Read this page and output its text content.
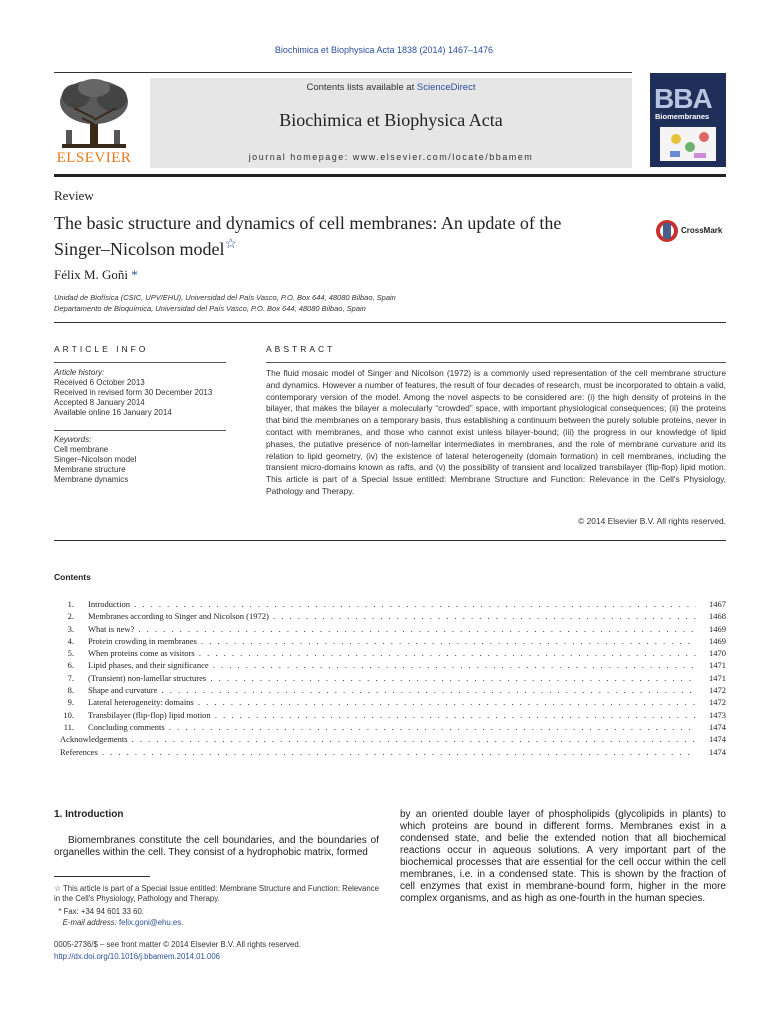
Biochimica et Biophysica Acta 1838 (2014) 1467–1476
ELSEVIER
Contents lists available at ScienceDirect
Biochimica et Biophysica Acta
journal homepage: www.elsevier.com/locate/bbamem
BBA
Biomembranes
Review
The basic structure and dynamics of cell membranes: An update of the Singer–Nicolson model☆
CrossMark
Félix M. Goñi *
Unidad de Biofísica (CSIC, UPV/EHU), Universidad del País Vasco, P.O. Box 644, 48080 Bilbao, Spain
Departamento de Bioquímica, Universidad del País Vasco, P.O. Box 644, 48080 Bilbao, Spain
ARTICLE INFO	ABSTRACT
Article history:
Received 6 October 2013
Received in revised form 30 December 2013
Accepted 8 January 2014
Available online 16 January 2014
Keywords:
Cell membrane
Singer–Nicolson model
Membrane structure
Membrane dynamics
The fluid mosaic model of Singer and Nicolson (1972) is a commonly used representation of the cell membrane structure and dynamics. However a number of features, the result of four decades of research, must be incorporated to obtain a valid, contemporary version of the model. Among the novel aspects to be considered are: (i) the high density of proteins in the bilayer, that makes the bilayer a molecularly “crowded” space, with important physiological consequences; (ii) the proteins that bind the membranes on a temporary basis, thus establishing a continuum between the purely soluble proteins, never in contact with membranes, and those who cannot exist unless bilayer-bound; (iii) the progress in our knowledge of lipid phases, the putative presence of non-lamellar intermediates in membranes, and the role of membrane curvature and its relation to lipid geometry, (iv) the existence of lateral heterogeneity (domain formation) in cell membranes, including the transient micro-domains known as rafts, and (v) the possibility of transient and localized transbilayer (flip-flop) lipid motion. This article is part of a Special Issue entitled: Membrane Structure and Function: Relevance in the Cell's Physiology, Pathology and Therapy.
© 2014 Elsevier B.V. All rights reserved.
Contents
1. Introduction . . .	1467
2. Membranes according to Singer and Nicolson (1972) . . .	1468
3. What is new? . . .	1469
4. Protein crowding in membranes . . .	1469
5. When proteins come as visitors . . .	1470
6. Lipid phases, and their significance . . .	1471
7. (Transient) non-lamellar structures . . .	1471
8. Shape and curvature . . .	1472
9. Lateral heterogeneity: domains . . .	1472
10. Transbilayer (flip-flop) lipid motion . . .	1473
11. Concluding comments . . .	1474
Acknowledgements . . .	1474
References . . .	1474
1. Introduction
Biomembranes constitute the cell boundaries, and the boundaries of organelles within the cell. They consist of a hydrophobic matrix, formed
by an oriented double layer of phospholipids (glycolipids in plants) to which proteins are bound in different forms. Membranes exist in a condensed state, and belie the extended notion that all biochemical reactions occur in aqueous solutions. A very important part of the biochemical processes that are essential for the cell occur within the cell membranes, i.e. in a condensed state. This is shown by the fraction of cell enzymes that exist in membrane-bound form, higher in the more complex organisms, and as high as one-fourth in the human species.
☆ This article is part of a Special Issue entitled: Membrane Structure and Function: Relevance in the Cell's Physiology, Pathology and Therapy.
* Fax: +34 94 601 33 60.
E-mail address: felix.goni@ehu.es.
0005-2736/$ – see front matter © 2014 Elsevier B.V. All rights reserved.
http://dx.doi.org/10.1016/j.bbamem.2014.01.006
